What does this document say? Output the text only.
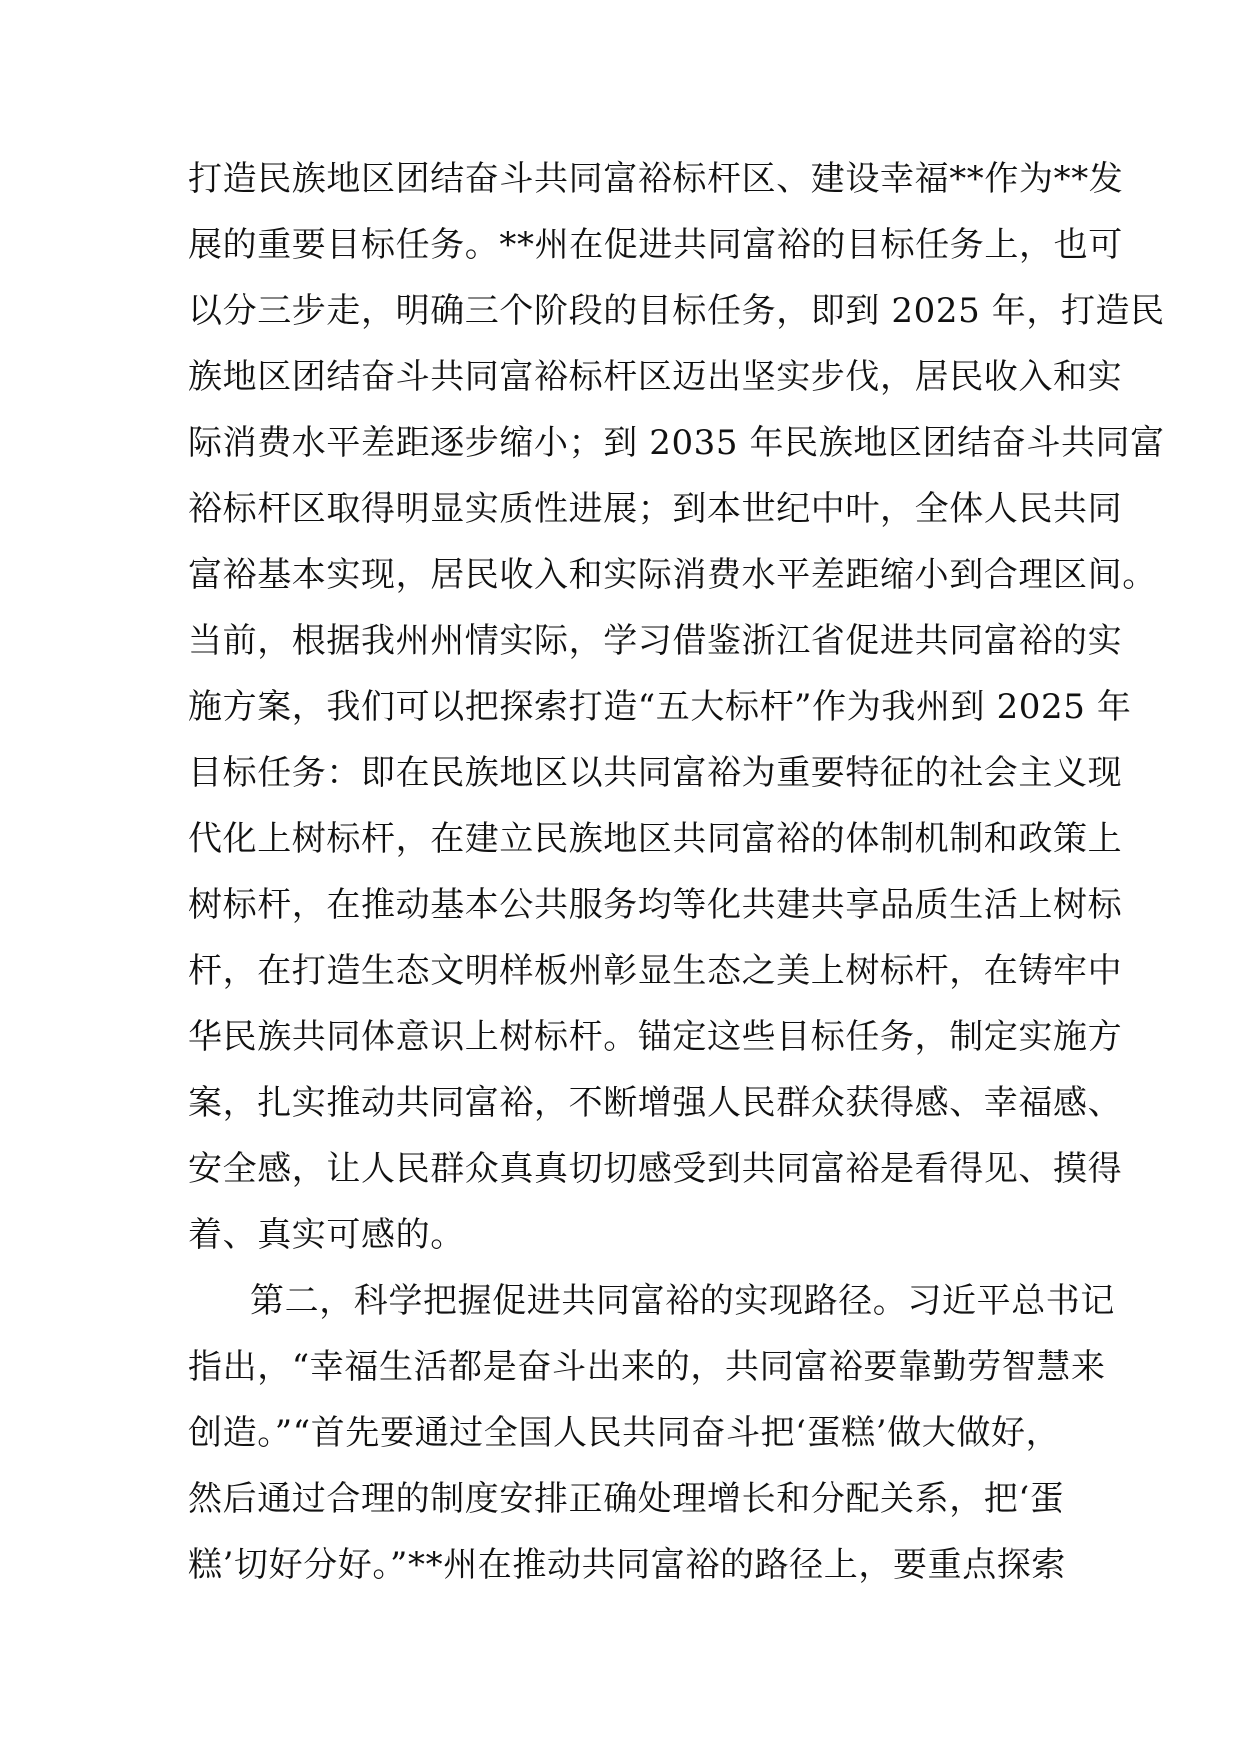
打造民族地区团结奋斗共同富裕标杆区、建设幸福**作为**发
展的重要目标任务。**州在促进共同富裕的目标任务上，也可
以分三步走，明确三个阶段的目标任务，即到 2025 年，打造民
族地区团结奋斗共同富裕标杆区迈出坚实步伐，居民收入和实
际消费水平差距逐步缩小；到 2035 年民族地区团结奋斗共同富
裕标杆区取得明显实质性进展；到本世纪中叶，全体人民共同
富裕基本实现，居民收入和实际消费水平差距缩小到合理区间。
当前，根据我州州情实际，学习借鉴浙江省促进共同富裕的实
施方案，我们可以把探索打造“五大标杆”作为我州到 2025 年
目标任务：即在民族地区以共同富裕为重要特征的社会主义现
代化上树标杆，在建立民族地区共同富裕的体制机制和政策上
树标杆，在推动基本公共服务均等化共建共享品质生活上树标
杆，在打造生态文明样板州彰显生态之美上树标杆，在铸牢中
华民族共同体意识上树标杆。锚定这些目标任务，制定实施方
案，扎实推动共同富裕，不断增强人民群众获得感、幸福感、
安全感，让人民群众真真切切感受到共同富裕是看得见、摸得
着、真实可感的。
第二，科学把握促进共同富裕的实现路径。习近平总书记
指出，“幸福生活都是奋斗出来的，共同富裕要靠勤劳智慧来
创造。”“首先要通过全国人民共同奋斗把‘蛋糕’做大做好，
然后通过合理的制度安排正确处理增长和分配关系，把‘蛋
糕’切好分好。”**州在推动共同富裕的路径上，要重点探索
